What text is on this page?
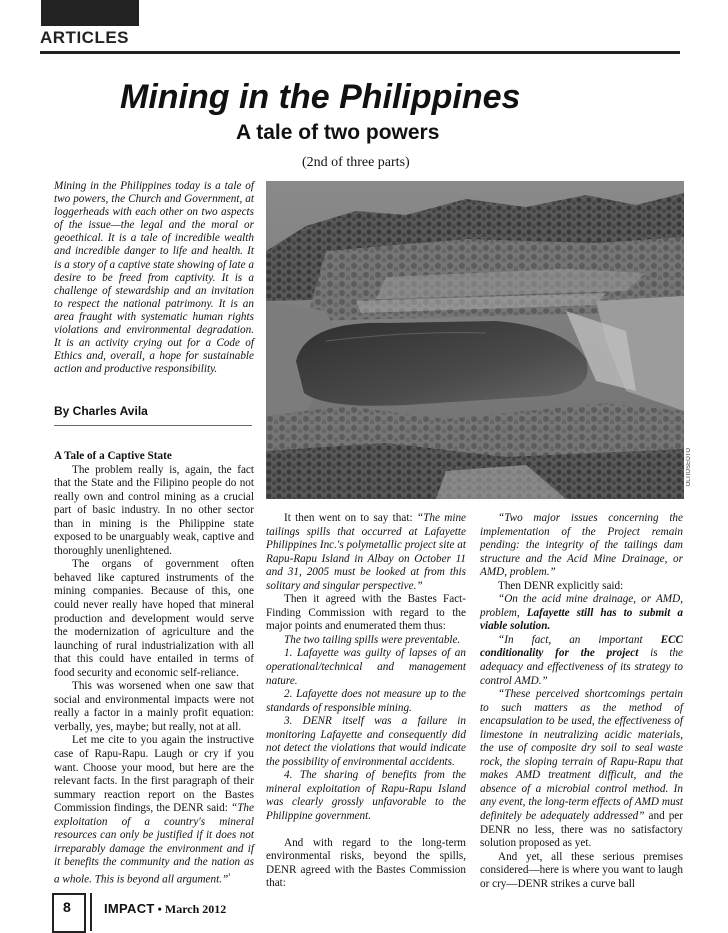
ARTICLES
Mining in the Philippines
A tale of two powers
(2nd of three parts)
Mining in the Philippines today is a tale of two powers, the Church and Government, at loggerheads with each other on two aspects of the issue—the legal and the moral or geoethical. It is a tale of incredible wealth and incredible danger to life and health. It is a story of a captive state showing of late a desire to be freed from captivity. It is a challenge of stewardship and an invitation to respect the national patrimony. It is an area fraught with systematic human rights violations and environmental degradation. It is an activity crying out for a Code of Ethics and, overall, a hope for sustainable action and productive responsibility.
By Charles Avila
OLTIOSEOTO

A Tale of a Captive State

The problem really is, again, the fact that the State and the Filipino people do not really own and control mining as a crucial part of basic industry. In no other sector than in mining is the Philippine state exposed to be unarguably weak, captive and thoroughly unenlightened.

The organs of government often behaved like captured instruments of the mining companies. Because of this, one could never really have hoped that mineral production and development would serve the modernization of agriculture and the launching of rural industrialization with all that this could have entailed in terms of food security and economic self-reliance.

This was worsened when one saw that social and environmental impacts were not really a factor in a mainly profit equation: verbally, yes, maybe; but really, not at all.

Let me cite to you again the instructive case of Rapu-Rapu. Laugh or cry if you want. Choose your mood, but here are the relevant facts. In the first paragraph of their summary reaction report on the Bastes Commission findings, the DENR said: “The exploitation of a country's mineral resources can only be justified if it does not irreparably damage the environment and if it benefits the community and the nation as a whole. This is beyond all argument.”$^{^1}$

It then went on to say that: “The mine tailings spills that occurred at Lafayette Philippines Inc.'s polymetallic project site at Rapu-Rapu Island in Albay on October 11 and 31, 2005 must be looked at from this solitary and singular perspective.”

Then it agreed with the Bastes Fact-Finding Commission with regard to the major points and enumerated them thus:

The two tailing spills were preventable.

1. Lafayette was guilty of lapses of an operational/technical and management nature.

2. Lafayette does not measure up to the standards of responsible mining.

3. DENR itself was a failure in monitoring Lafayette and consequently did not detect the violations that would indicate the possibility of environmental accidents.

4. The sharing of benefits from the mineral exploitation of Rapu-Rapu Island was clearly grossly unfavorable to the Philippine government.

And with regard to the long-term environmental risks, beyond the spills, DENR agreed with the Bastes Commission that:

“Two major issues concerning the implementation of the Project remain pending: the integrity of the tailings dam structure and the Acid Mine Drainage, or AMD, problem.”

Then DENR explicitly said:

“On the acid mine drainage, or AMD, problem, Lafayette still has to submit a viable solution.

“In fact, an important ECC conditionality for the project is the adequacy and effectiveness of its strategy to control AMD.”

“These perceived shortcomings pertain to such matters as the method of encapsulation to be used, the effectiveness of limestone in neutralizing acidic materials, the use of composite dry soil to seal waste rock, the sloping terrain of Rapu-Rapu that makes AMD treatment difficult, and the absence of a microbial control method. In any event, the long-term effects of AMD must definitely be adequately addressed” and per DENR no less, there was no satisfactory solution proposed as yet.

And yet, all these serious premises considered—here is where you want to laugh or cry—DENR strikes a curve ball

8	IMPACT • March 2012
